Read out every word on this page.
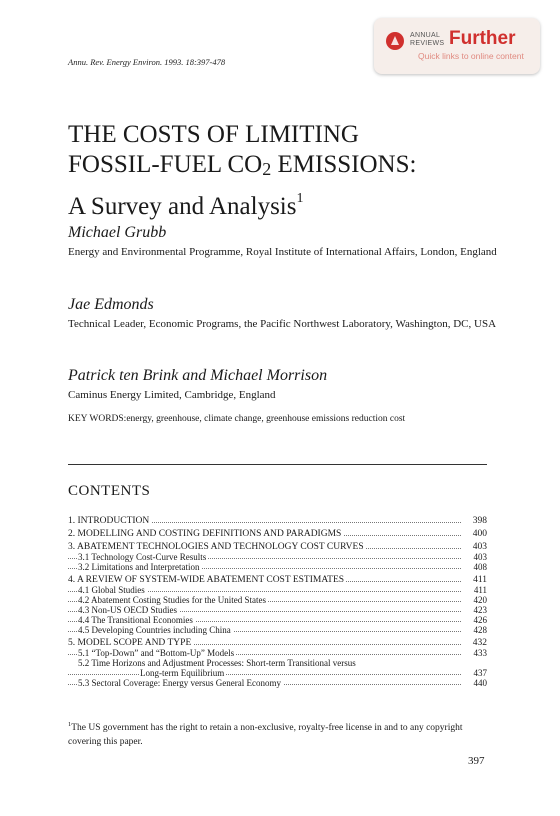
ANNUAL
REVIEWS Further
Quick links to online content
Annu. Rev. Energy Environ. 1993. 18:397-478
THE COSTS OF LIMITING
FOSSIL-FUEL $CO_2$ EMISSIONS:
A Survey and Analysis$^1$
Michael Grubb
Energy and Environmental Programme, Royal Institute of International Affairs, London, England
Jae Edmonds
Technical Leader, Economic Programs, the Pacific Northwest Laboratory, Washington, DC, USA
Patrick ten Brink and Michael Morrison
Caminus Energy Limited, Cambridge, England
KEY WORDS:energy, greenhouse, climate change, greenhouse emissions reduction cost
CONTENTS
1. INTRODUCTION	398
2. MODELLING AND COSTING DEFINITIONS AND PARADIGMS	400
3. ABATEMENT TECHNOLOGIES AND TECHNOLOGY COST CURVES	403
3.1 Technology Cost-Curve Results	403
3.2 Limitations and Interpretation	408
4. A REVIEW OF SYSTEM-WIDE ABATEMENT COST ESTIMATES	411
4.1 Global Studies	411
4.2 Abatement Costing Studies for the United States	420
4.3 Non-US OECD Studies	423
4.4 The Transitional Economies	426
4.5 Developing Countries including China	428
5. MODEL SCOPE AND TYPE	432
5.1 “Top-Down” and “Bottom-Up” Models	433
5.2 Time Horizons and Adjustment Processes: Short-term Transitional versus
Long-term Equilibrium	437
5.3 Sectoral Coverage: Energy versus General Economy	440
$^1$The US government has the right to retain a non-exclusive, royalty-free license in and to any copyright covering this paper.
397
